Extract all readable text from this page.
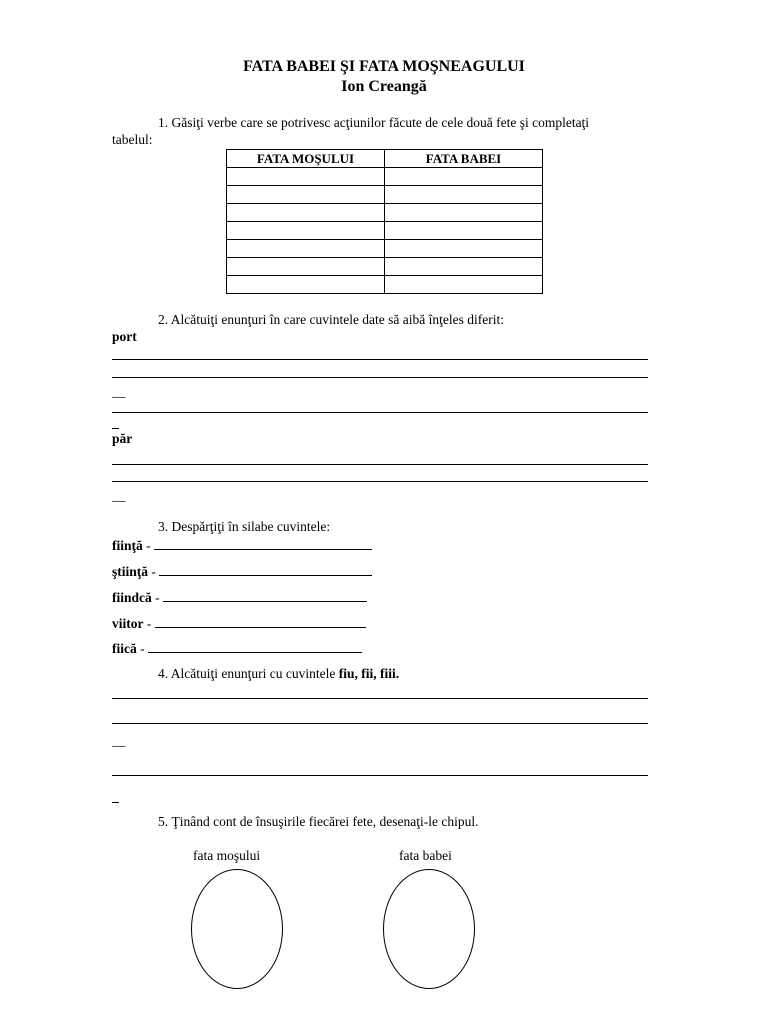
FATA BABEI ŞI FATA MOŞNEAGULUI
Ion Creangă
1. Găsiţi verbe care se potrivesc acţiunilor făcute de cele două fete şi completaţi
tabelul:
FATA MOŞULUI	FATA BABEI

2. Alcătuiţi enunţuri în care cuvintele date să aibă înţeles diferit:
port
__
păr
__
3. Despărţiţi în silabe cuvintele:
fiinţă -
ştiinţă -
fiindcă -
viitor -
fiică -
4. Alcătuiţi enunţuri cu cuvintele fiu, fii, fiii.
__
5. Ţinând cont de însuşirile fiecărei fete, desenaţi-le chipul.
fata moşului	fata babei
